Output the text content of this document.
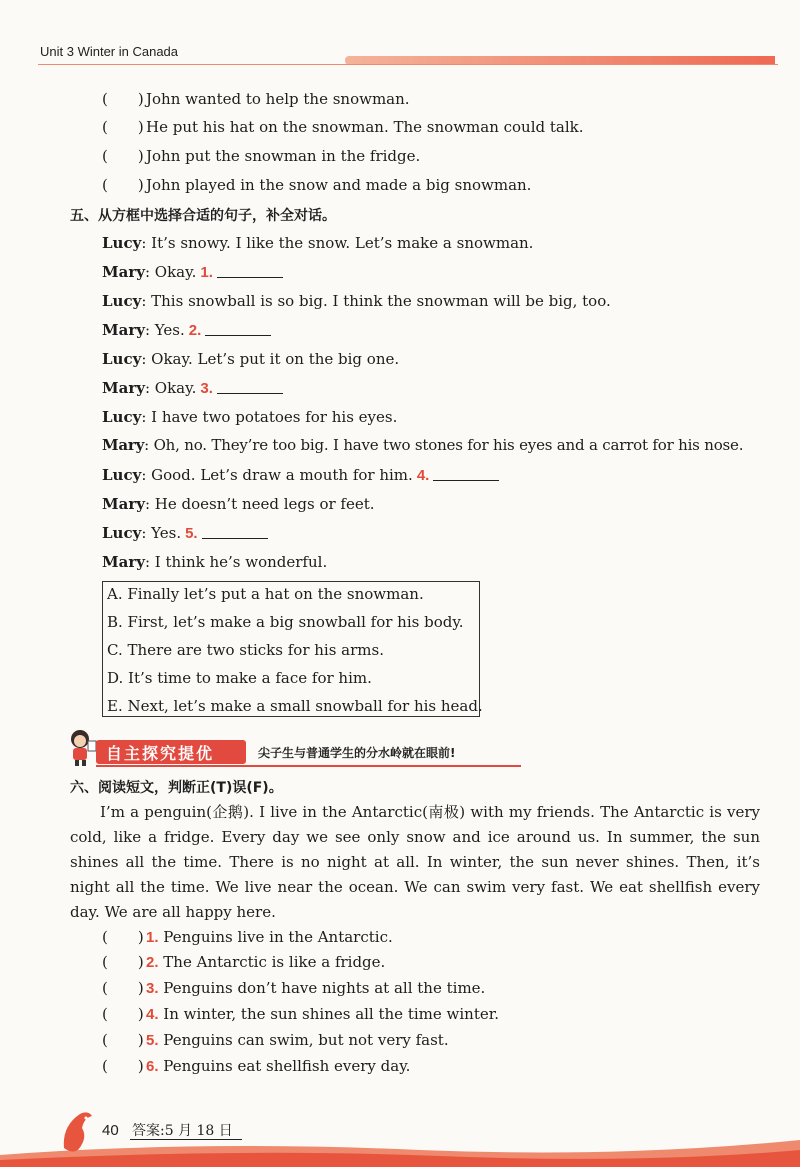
Unit 3 Winter in Canada
(　　) John wanted to help the snowman.
(　　) He put his hat on the snowman. The snowman could talk.
(　　) John put the snowman in the fridge.
(　　) John played in the snow and made a big snowman.
五、从方框中选择合适的句子，补全对话。
Lucy: It’s snowy. I like the snow. Let’s make a snowman.
Mary: Okay. 1.
Lucy: This snowball is so big. I think the snowman will be big, too.
Mary: Yes. 2.
Lucy: Okay. Let’s put it on the big one.
Mary: Okay. 3.
Lucy: I have two potatoes for his eyes.
Mary: Oh, no. They’re too big. I have two stones for his eyes and a carrot for his nose.
Lucy: Good. Let’s draw a mouth for him. 4.
Mary: He doesn’t need legs or feet.
Lucy: Yes. 5.
Mary: I think he’s wonderful.
A. Finally let’s put a hat on the snowman.
B. First, let’s make a big snowball for his body.
C. There are two sticks for his arms.
D. It’s time to make a face for him.
E. Next, let’s make a small snowball for his head.
自主探究提优	尖子生与普通学生的分水岭就在眼前!
六、阅读短文，判断正(T)误(F)。
I’m a penguin(企鹅). I live in the Antarctic(南极) with my friends. The Antarctic is very cold, like a fridge. Every day we see only snow and ice around us. In summer, the sun shines all the time. There is no night at all. In winter, the sun never shines. Then, it’s night all the time. We live near the ocean. We can swim very fast. We eat shellfish every day. We are all happy here.
(　　) 1. Penguins live in the Antarctic.
(　　) 2. The Antarctic is like a fridge.
(　　) 3. Penguins don’t have nights at all the time.
(　　) 4. In winter, the sun shines all the time winter.
(　　) 5. Penguins can swim, but not very fast.
(　　) 6. Penguins eat shellfish every day.
40 答案:5 月 18 日
